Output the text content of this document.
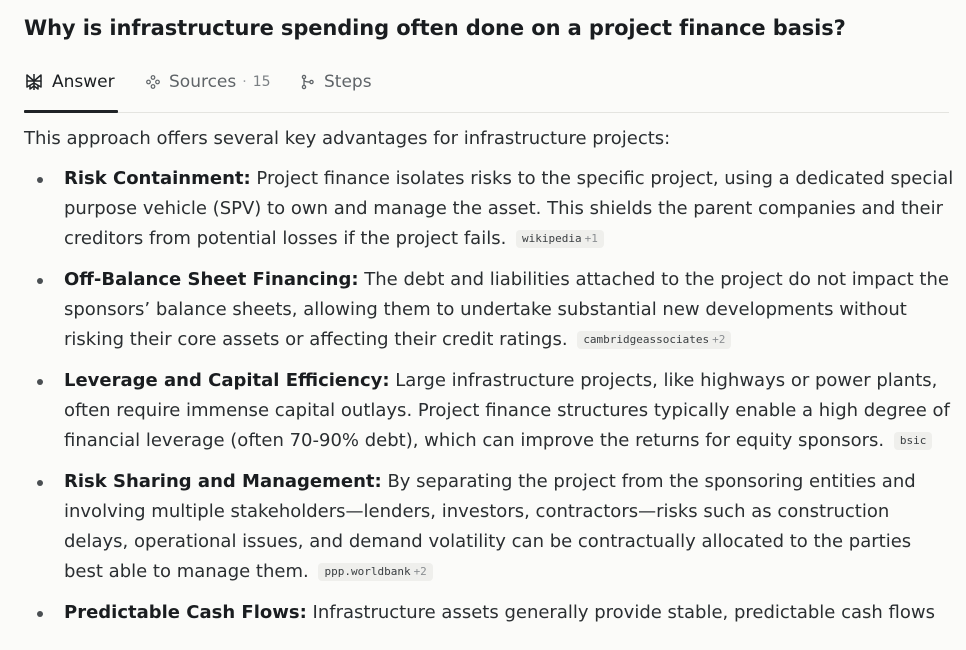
Why is infrastructure spending often done on a project finance basis?
Answer	Sources · 15	Steps

This approach offers several key advantages for infrastructure projects:

Risk Containment: Project finance isolates risks to the specific project, using a dedicated special purpose vehicle (SPV) to own and manage the asset. This shields the parent companies and their creditors from potential losses if the project fails. wikipedia +1
Off-Balance Sheet Financing: The debt and liabilities attached to the project do not impact the sponsors’ balance sheets, allowing them to undertake substantial new developments without risking their core assets or affecting their credit ratings. cambridgeassociates +2
Leverage and Capital Efficiency: Large infrastructure projects, like highways or power plants, often require immense capital outlays. Project finance structures typically enable a high degree of financial leverage (often 70-90% debt), which can improve the returns for equity sponsors. bsic
Risk Sharing and Management: By separating the project from the sponsoring entities and involving multiple stakeholders—lenders, investors, contractors—risks such as construction delays, operational issues, and demand volatility can be contractually allocated to the parties best able to manage them. ppp.worldbank +2
Predictable Cash Flows: Infrastructure assets generally provide stable, predictable cash flows
